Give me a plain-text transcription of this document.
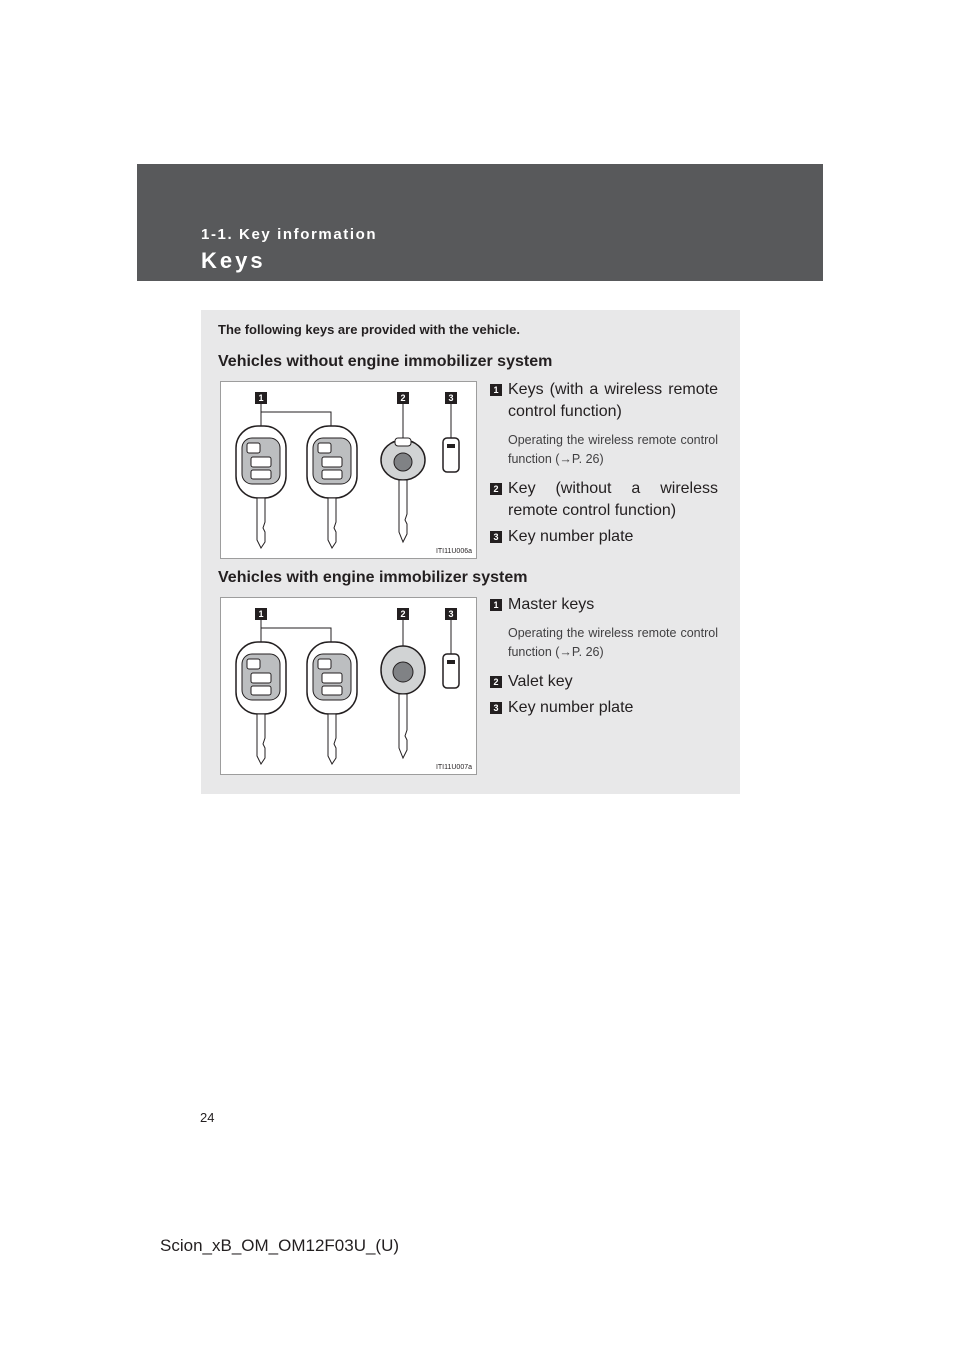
1-1. Key information
Keys
The following keys are provided with the vehicle.
Vehicles without engine immobilizer system
1	2	3
ITI11U006a
1 Keys (with a wireless remote control function)
Operating the wireless remote control function (→P. 26)
2 Key (without a wireless remote control function)
3 Key number plate
Vehicles with engine immobilizer system
1	2	3
ITI11U007a
1 Master keys
Operating the wireless remote control function (→P. 26)
2 Valet key
3 Key number plate
24
Scion_xB_OM_OM12F03U_(U)
